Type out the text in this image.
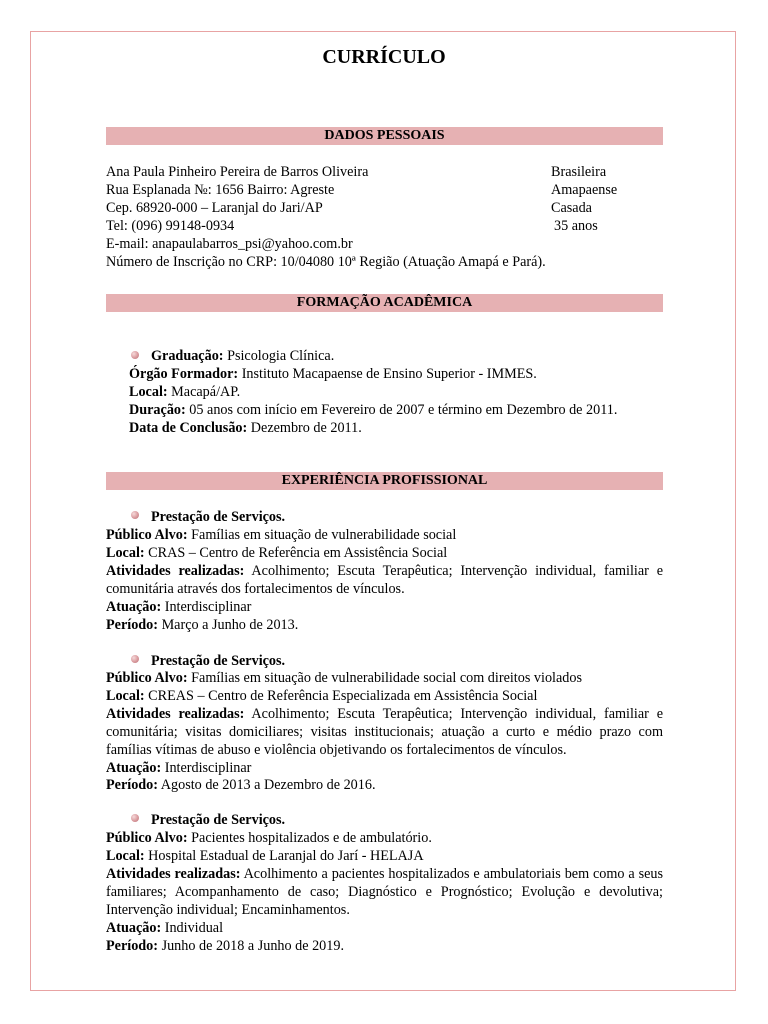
CURRÍCULO
DADOS PESSOAIS
Ana Paula Pinheiro Pereira de Barros Oliveira
Rua Esplanada №: 1656 Bairro: Agreste
Cep. 68920-000 – Laranjal do Jari/AP
Tel: (096) 99148-0934
E-mail: anapaulabarros_psi@yahoo.com.br
Número de Inscrição no CRP: 10/04080 10ª Região (Atuação Amapá e Pará).
Brasileira
Amapaense
Casada
35 anos
FORMAÇÃO ACADÊMICA
Graduação: Psicologia Clínica.
Órgão Formador: Instituto Macapaense de Ensino Superior - IMMES.
Local: Macapá/AP.
Duração: 05 anos com início em Fevereiro de 2007 e término em Dezembro de 2011.
Data de Conclusão: Dezembro de 2011.
EXPERIÊNCIA PROFISSIONAL
Prestação de Serviços.
Público Alvo: Famílias em situação de vulnerabilidade social
Local: CRAS – Centro de Referência em Assistência Social
Atividades realizadas: Acolhimento; Escuta Terapêutica; Intervenção individual, familiar e comunitária através dos fortalecimentos de vínculos.
Atuação: Interdisciplinar
Período: Março a Junho de 2013.
Prestação de Serviços.
Público Alvo: Famílias em situação de vulnerabilidade social com direitos violados
Local: CREAS – Centro de Referência Especializada em Assistência Social
Atividades realizadas: Acolhimento; Escuta Terapêutica; Intervenção individual, familiar e comunitária; visitas domiciliares; visitas institucionais; atuação a curto e médio prazo com famílias vítimas de abuso e violência objetivando os fortalecimentos de vínculos.
Atuação: Interdisciplinar
Período: Agosto de 2013 a Dezembro de 2016.
Prestação de Serviços.
Público Alvo: Pacientes hospitalizados e de ambulatório.
Local: Hospital Estadual de Laranjal do Jarí - HELAJA
Atividades realizadas: Acolhimento a pacientes hospitalizados e ambulatoriais bem como a seus familiares; Acompanhamento de caso; Diagnóstico e Prognóstico; Evolução e devolutiva; Intervenção individual; Encaminhamentos.
Atuação: Individual
Período: Junho de 2018 a Junho de 2019.
